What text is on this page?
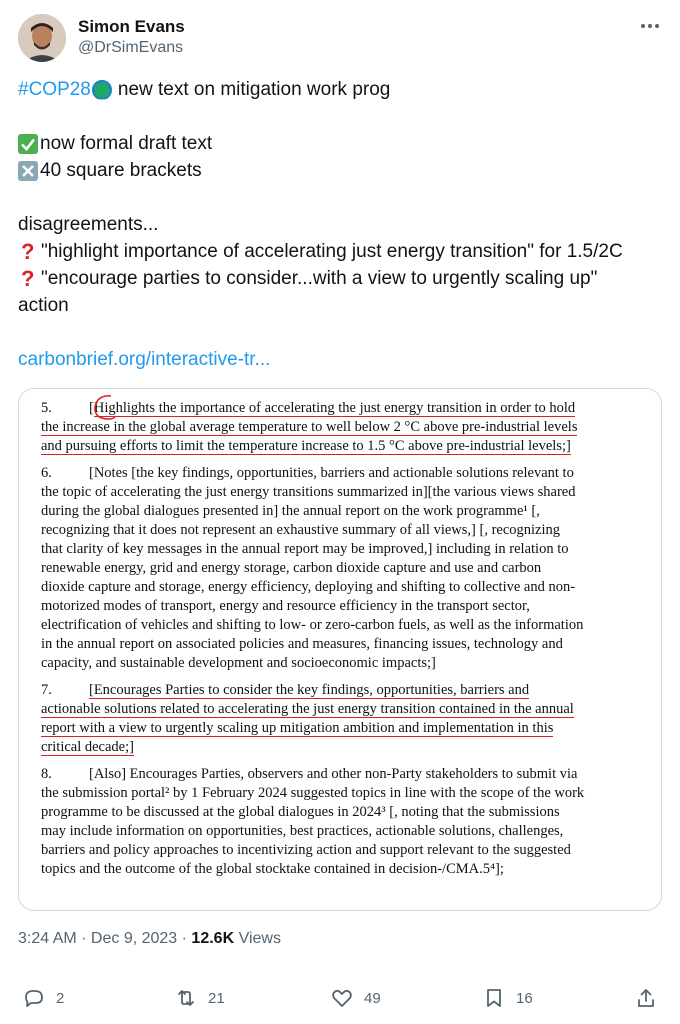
Simon Evans
@DrSimEvans
#COP28
COP28 new text on mitigation work prog
now formal draft text
40 square brackets
disagreements...
? "highlight importance of accelerating just energy transition" for 1.5/2C
? "encourage parties to consider...with a view to urgently scaling up"
action
carbonbrief.org/interactive-tr...
5.	[Highlights the importance of accelerating the just energy transition in order to hold
the increase in the global average temperature to well below 2 °C above pre-industrial levels
and pursuing efforts to limit the temperature increase to 1.5 °C above pre-industrial levels;]
6.	[Notes [the key findings, opportunities, barriers and actionable solutions relevant to
the topic of accelerating the just energy transitions summarized in][the various views shared
during the global dialogues presented in] the annual report on the work programme¹ [,
recognizing that it does not represent an exhaustive summary of all views,] [, recognizing
that clarity of key messages in the annual report may be improved,] including in relation to
renewable energy, grid and energy storage, carbon dioxide capture and use and carbon
dioxide capture and storage, energy efficiency, deploying and shifting to collective and non-
motorized modes of transport, energy and resource efficiency in the transport sector,
electrification of vehicles and shifting to low- or zero-carbon fuels, as well as the information
in the annual report on associated policies and measures, financing issues, technology and
capacity, and sustainable development and socioeconomic impacts;]
7.	[Encourages Parties to consider the key findings, opportunities, barriers and
actionable solutions related to accelerating the just energy transition contained in the annual
report with a view to urgently scaling up mitigation ambition and implementation in this
critical decade;]
8.	[Also] Encourages Parties, observers and other non-Party stakeholders to submit via
the submission portal² by 1 February 2024 suggested topics in line with the scope of the work
programme to be discussed at the global dialogues in 2024³ [, noting that the submissions
may include information on opportunities, best practices, actionable solutions, challenges,
barriers and policy approaches to incentivizing action and support relevant to the suggested
topics and the outcome of the global stocktake contained in decision-/CMA.5⁴];
3:24 AM · Dec 9, 2023 · 12.6K Views
2	21	49	16
